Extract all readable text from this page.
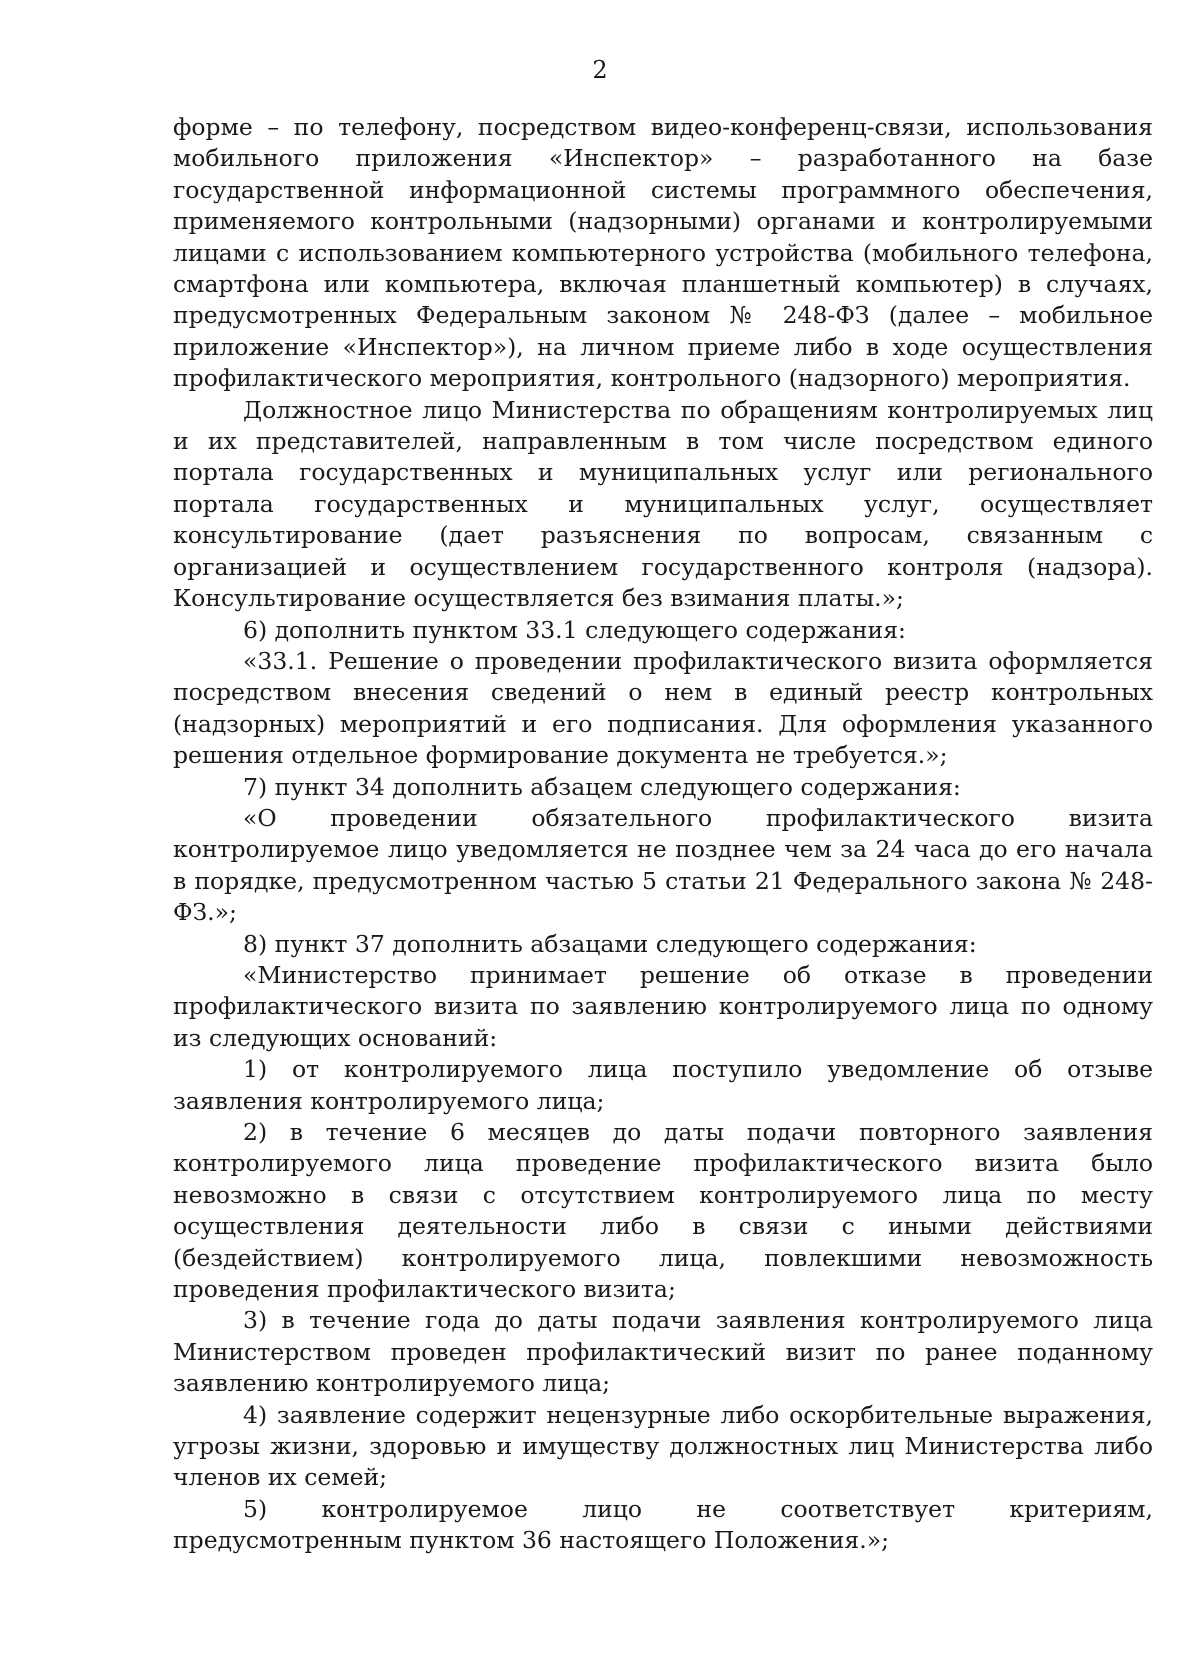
2

форме – по телефону, посредством видео-конференц-связи, использования мобильного приложения «Инспектор» – разработанного на базе государственной информационной системы программного обеспечения, применяемого контрольными (надзорными) органами и контролируемыми лицами с использованием компьютерного устройства (мобильного телефона, смартфона или компьютера, включая планшетный компьютер) в случаях, предусмотренных Федеральным законом № 248-ФЗ (далее – мобильное приложение «Инспектор»), на личном приеме либо в ходе осуществления профилактического мероприятия, контрольного (надзорного) мероприятия.

Должностное лицо Министерства по обращениям контролируемых лиц и их представителей, направленным в том числе посредством единого портала государственных и муниципальных услуг или регионального портала государственных и муниципальных услуг, осуществляет консультирование (дает разъяснения по вопросам, связанным с организацией и осуществлением государственного контроля (надзора). Консультирование осуществляется без взимания платы.»;

6) дополнить пунктом 33.1 следующего содержания:

«33.1. Решение о проведении профилактического визита оформляется посредством внесения сведений о нем в единый реестр контрольных (надзорных) мероприятий и его подписания. Для оформления указанного решения отдельное формирование документа не требуется.»;

7) пункт 34 дополнить абзацем следующего содержания:

«О проведении обязательного профилактического визита контролируемое лицо уведомляется не позднее чем за 24 часа до его начала в порядке, предусмотренном частью 5 статьи 21 Федерального закона № 248-ФЗ.»;

8) пункт 37 дополнить абзацами следующего содержания:

«Министерство принимает решение об отказе в проведении профилактического визита по заявлению контролируемого лица по одному из следующих оснований:

1) от контролируемого лица поступило уведомление об отзыве заявления контролируемого лица;

2) в течение 6 месяцев до даты подачи повторного заявления контролируемого лица проведение профилактического визита было невозможно в связи с отсутствием контролируемого лица по месту осуществления деятельности либо в связи с иными действиями (бездействием) контролируемого лица, повлекшими невозможность проведения профилактического визита;

3) в течение года до даты подачи заявления контролируемого лица Министерством проведен профилактический визит по ранее поданному заявлению контролируемого лица;

4) заявление содержит нецензурные либо оскорбительные выражения, угрозы жизни, здоровью и имуществу должностных лиц Министерства либо членов их семей;

5) контролируемое лицо не соответствует критериям, предусмотренным пунктом 36 настоящего Положения.»;
